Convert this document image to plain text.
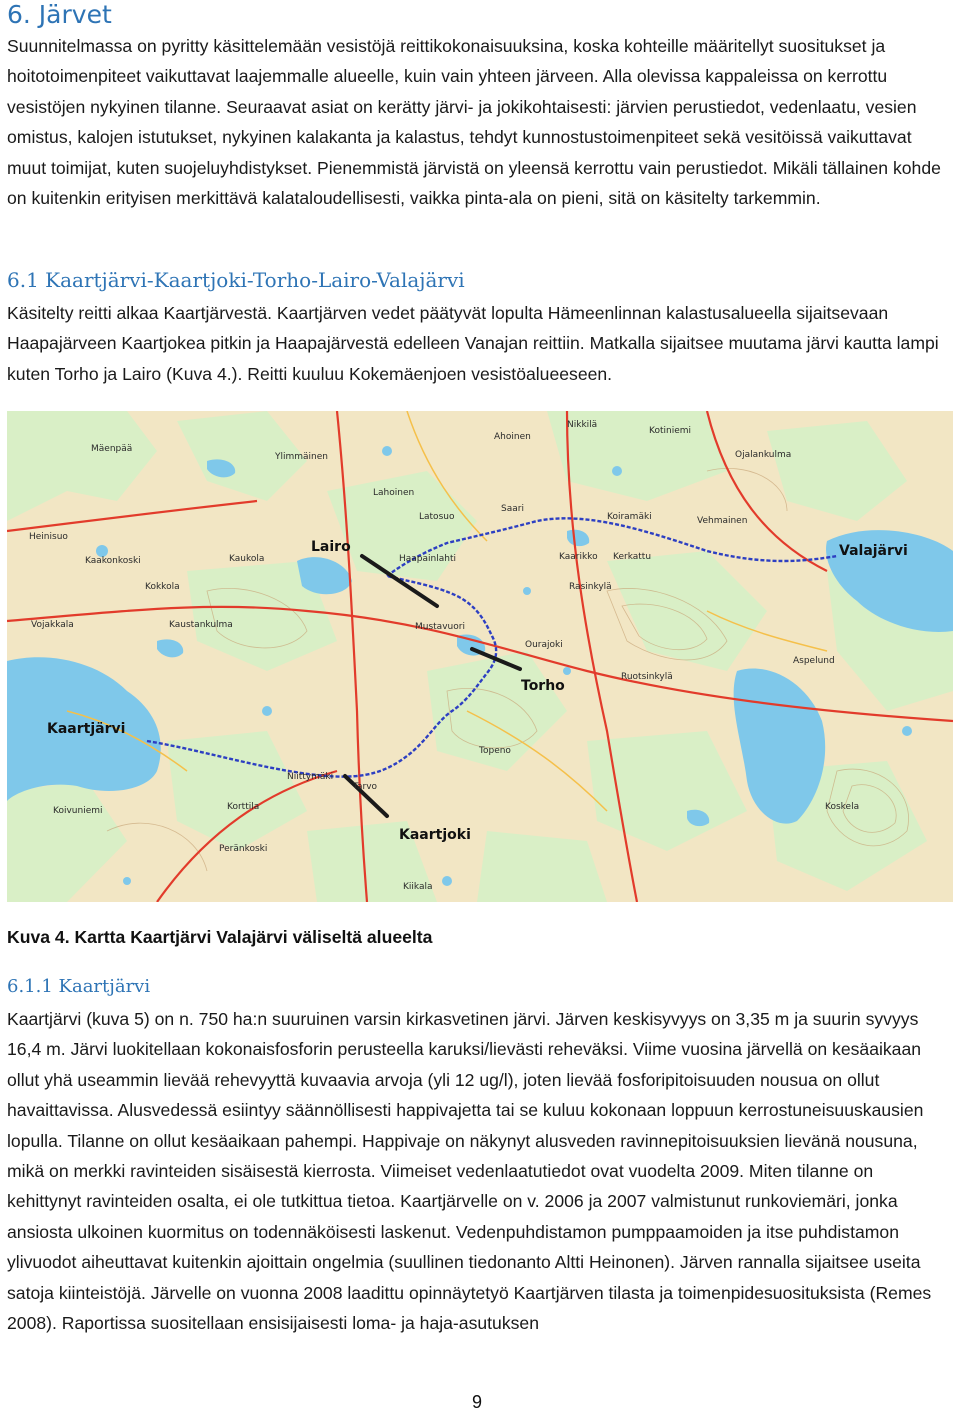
6. Järvet

Suunnitelmassa on pyritty käsittelemään vesistöjä reittikokonaisuuksina, koska kohteille määritellyt suositukset ja hoitotoimenpiteet vaikuttavat laajemmalle alueelle, kuin vain yhteen järveen. Alla olevissa kappaleissa on kerrottu vesistöjen nykyinen tilanne. Seuraavat asiat on kerätty järvi- ja jokikohtaisesti: järvien perustiedot, vedenlaatu, vesien omistus, kalojen istutukset, nykyinen kalakanta ja kalastus, tehdyt kunnostustoimenpiteet sekä vesitöissä vaikuttavat muut toimijat, kuten suojeluyhdistykset. Pienemmistä järvistä on yleensä kerrottu vain perustiedot. Mikäli tällainen kohde on kuitenkin erityisen merkittävä kalataloudellisesti, vaikka pinta-ala on pieni, sitä on käsitelty tarkemmin.

6.1 Kaartjärvi-Kaartjoki-Torho-Lairo-Valajärvi

Käsitelty reitti alkaa Kaartjärvestä. Kaartjärven vedet päätyvät lopulta Hämeenlinnan kalastusalueella sijaitsevaan Haapajärveen Kaartjokea pitkin ja Haapajärvestä edelleen Vanajan reittiin. Matkalla sijaitsee muutama järvi kautta lampi kuten Torho ja Lairo (Kuva 4.). Reitti kuuluu Kokemäenjoen vesistöalueeseen.

Mäenpää
Ylimmäinen
Ahoinen
Nikkilä
Kotiniemi
Ojalankulma
Lahoinen
Latosuo
Saari
Koiramäki	Vehmainen
Heinisuo
Kaakonkoski	Kaukola
Kokkola
Kaarikko Kerkattu
Rasinkylä
Haapainlahti
Vojakkala	Kaustankulma	Mustavuori
Ourajoki
Ruotsinkylä
Aspelund
Topeno
Tarvo
Niittymäki
Korttila
Peränkoski
Koivuniemi	Koskela
Kiikala
Lairo	Valajärvi
Torho
Kaartjärvi
Kaartjoki
Kuva 4. Kartta Kaartjärvi Valajärvi väliseltä alueelta
6.1.1 Kaartjärvi

Kaartjärvi (kuva 5) on n. 750 ha:n suuruinen varsin kirkasvetinen järvi. Järven keskisyvyys on 3,35 m ja suurin syvyys 16,4 m. Järvi luokitellaan kokonaisfosforin perusteella karuksi/lievästi reheväksi. Viime vuosina järvellä on kesäaikaan ollut yhä useammin lievää rehevyyttä kuvaavia arvoja (yli 12 ug/l), joten lievää fosforipitoisuuden nousua on ollut havaittavissa. Alusvedessä esiintyy säännöllisesti happivajetta tai se kuluu kokonaan loppuun kerrostuneisuuskausien lopulla. Tilanne on ollut kesäaikaan pahempi. Happivaje on näkynyt alusveden ravinnepitoisuuksien lievänä nousuna, mikä on merkki ravinteiden sisäisestä kierrosta. Viimeiset vedenlaatutiedot ovat vuodelta 2009. Miten tilanne on kehittynyt ravinteiden osalta, ei ole tutkittua tietoa. Kaartjärvelle on v. 2006 ja 2007 valmistunut runkoviemäri, jonka ansiosta ulkoinen kuormitus on todennäköisesti laskenut. Vedenpuhdistamon pumppaamoiden ja itse puhdistamon ylivuodot aiheuttavat kuitenkin ajoittain ongelmia (suullinen tiedonanto Altti Heinonen). Järven rannalla sijaitsee useita satoja kiinteistöjä. Järvelle on vuonna 2008 laadittu opinnäytetyö Kaartjärven tilasta ja toimenpidesuosituksista (Remes 2008). Raportissa suositellaan ensisijaisesti loma- ja haja-asutuksen

9
